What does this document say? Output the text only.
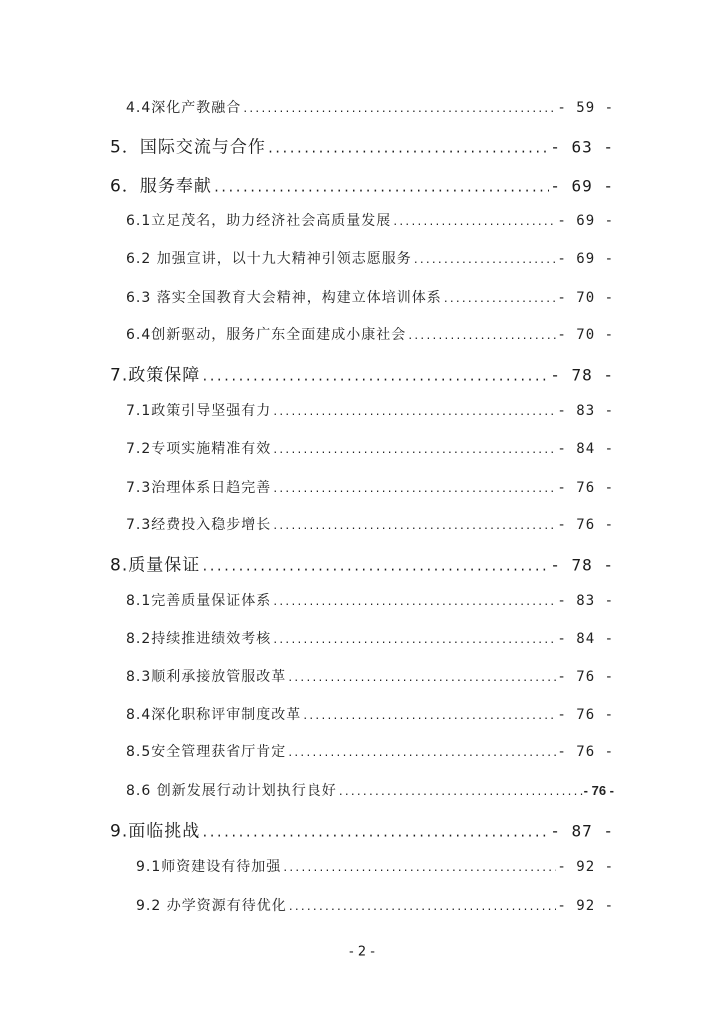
4.4深化产教融合 .....	- 59 -
5．国际交流与合作 .....	- 63 -
6．服务奉献 .....	- 69 -
6.1立足茂名，助力经济社会高质量发展 .....	- 69 -
6.2 加强宣讲，以十九大精神引领志愿服务 .....	- 69 -
6.3 落实全国教育大会精神，构建立体培训体系 .....	- 70 -
6.4创新驱动，服务广东全面建成小康社会 .....	- 70 -
7.政策保障 .....	- 78 -
7.1政策引导坚强有力 .....	- 83 -
7.2专项实施精准有效 .....	- 84 -
7.3治理体系日趋完善 .....	- 76 -
7.3经费投入稳步增长 .....	- 76 -
8.质量保证 .....	- 78 -
8.1完善质量保证体系 .....	- 83 -
8.2持续推进绩效考核 .....	- 84 -
8.3顺利承接放管服改革 .....	- 76 -
8.4深化职称评审制度改革 .....	- 76 -
8.5安全管理获省厅肯定 .....	- 76 -
8.6 创新发展行动计划执行良好 .....	- 76 -
9.面临挑战 .....	- 87 -
9.1师资建设有待加强 .....	- 92 -
9.2 办学资源有待优化 .....	- 92 -
- 2 -
